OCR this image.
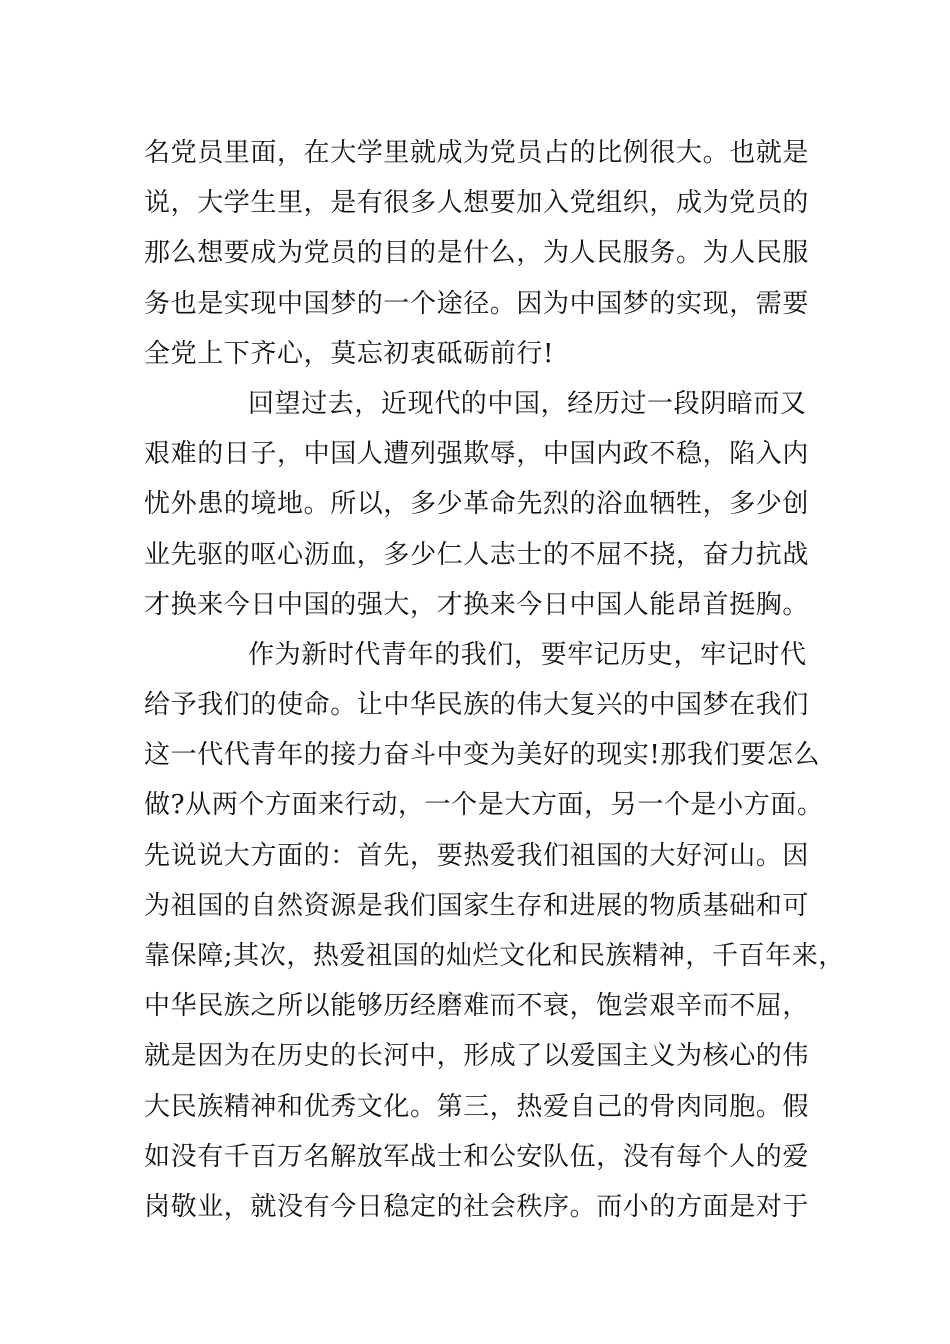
名党员里面，在大学里就成为党员占的比例很大。也就是
说，大学生里，是有很多人想要加入党组织，成为党员的
那么想要成为党员的目的是什么，为人民服务。为人民服
务也是实现中国梦的一个途径。因为中国梦的实现，需要
全党上下齐心，莫忘初衷砥砺前行!
回望过去，近现代的中国，经历过一段阴暗而又
艰难的日子，中国人遭列强欺辱，中国内政不稳，陷入内
忧外患的境地。所以，多少革命先烈的浴血牺牲，多少创
业先驱的呕心沥血，多少仁人志士的不屈不挠，奋力抗战
才换来今日中国的强大，才换来今日中国人能昂首挺胸。
作为新时代青年的我们，要牢记历史，牢记时代
给予我们的使命。让中华民族的伟大复兴的中国梦在我们
这一代代青年的接力奋斗中变为美好的现实!那我们要怎么
做?从两个方面来行动，一个是大方面，另一个是小方面。
先说说大方面的：首先，要热爱我们祖国的大好河山。因
为祖国的自然资源是我们国家生存和进展的物质基础和可
靠保障;其次，热爱祖国的灿烂文化和民族精神，千百年来，
中华民族之所以能够历经磨难而不衰，饱尝艰辛而不屈，
就是因为在历史的长河中，形成了以爱国主义为核心的伟
大民族精神和优秀文化。第三，热爱自己的骨肉同胞。假
如没有千百万名解放军战士和公安队伍，没有每个人的爱
岗敬业，就没有今日稳定的社会秩序。而小的方面是对于
